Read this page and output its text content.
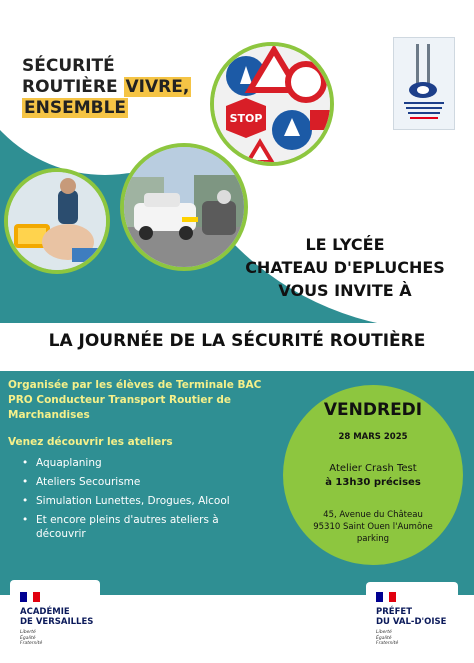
SÉCURITÉ
ROUTIÈRE VIVRE,
ENSEMBLE
STOP
LE LYCÉE
CHATEAU D'EPLUCHES
VOUS INVITE À
LA JOURNÉE DE LA SÉCURITÉ ROUTIÈRE
Organisée par les élèves de Terminale BAC PRO Conducteur Transport Routier de Marchandises
Venez découvrir les ateliers
• Aquaplaning
• Ateliers Secourisme
• Simulation Lunettes, Drogues, Alcool
• Et encore pleins d'autres ateliers à découvrir
VENDREDI
28 MARS 2025
Atelier Crash Test
à 13h30 précises
45, Avenue du Château
95310 Saint Ouen l'Aumône
parking
ACADÉMIE
DE VERSAILLES
Liberté
Égalité
Fraternité
PRÉFET
DU VAL-D'OISE
Liberté
Égalité
Fraternité
RSVP: veronique.coffyn@ac-versailles.fr
